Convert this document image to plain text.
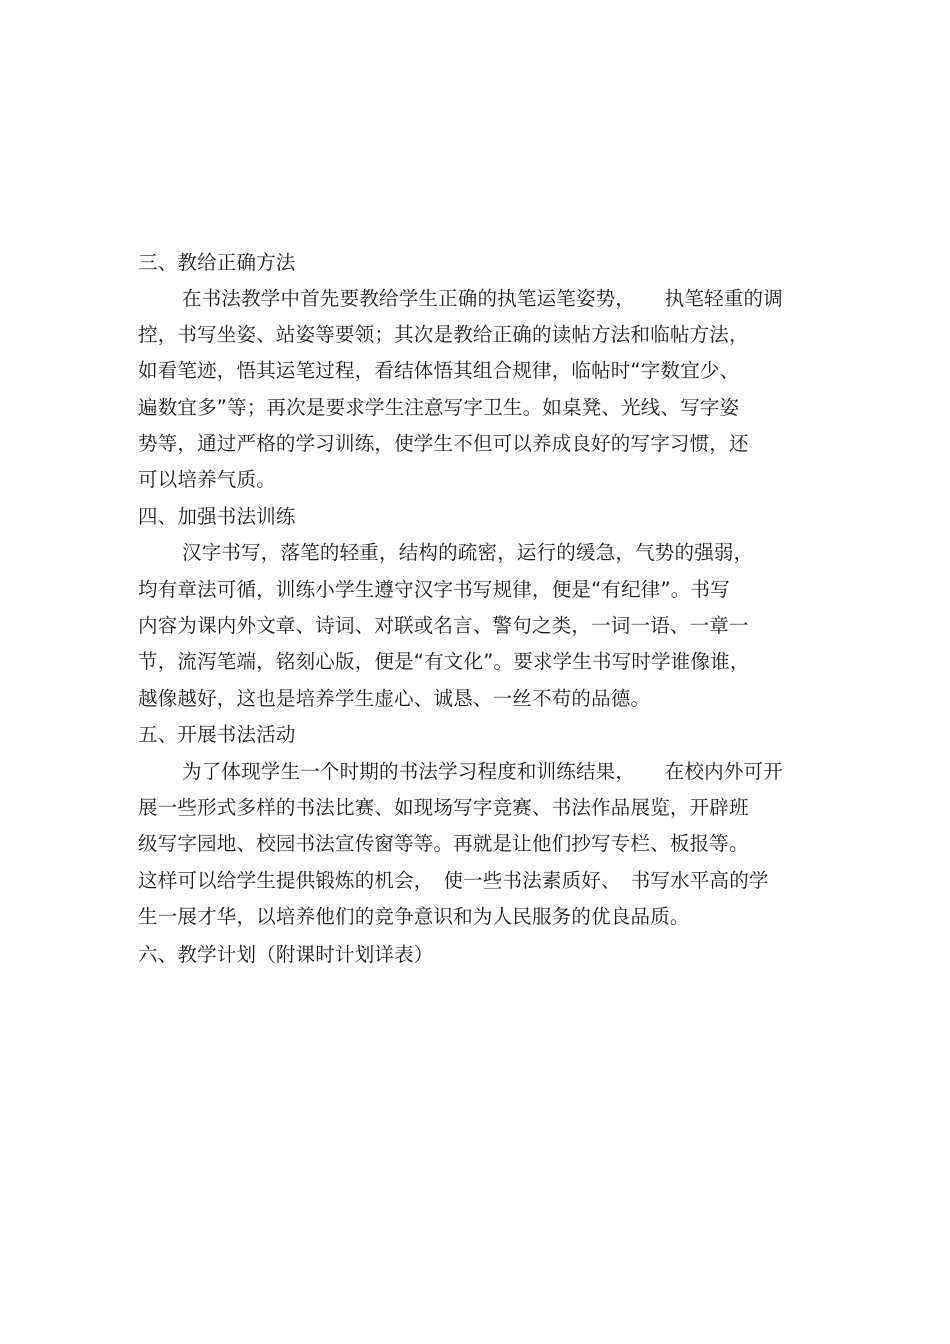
三、教给正确方法
在书法教学中首先要教给学生正确的执笔运笔姿势，　　执笔轻重的调
控，书写坐姿、站姿等要领；其次是教给正确的读帖方法和临帖方法，
如看笔迹，悟其运笔过程，看结体悟其组合规律，临帖时“字数宜少、
遍数宜多”等；再次是要求学生注意写字卫生。如桌凳、光线、写字姿
势等，通过严格的学习训练，使学生不但可以养成良好的写字习惯，还
可以培养气质。
四、加强书法训练
汉字书写，落笔的轻重，结构的疏密，运行的缓急，气势的强弱，
均有章法可循，训练小学生遵守汉字书写规律，便是“有纪律”。书写
内容为课内外文章、诗词、对联或名言、警句之类，一词一语、一章一
节，流泻笔端，铭刻心版，便是“有文化”。要求学生书写时学谁像谁，
越像越好，这也是培养学生虚心、诚恳、一丝不苟的品德。
五、开展书法活动
为了体现学生一个时期的书法学习程度和训练结果，　　在校内外可开
展一些形式多样的书法比赛、如现场写字竞赛、书法作品展览，开辟班
级写字园地、校园书法宣传窗等等。再就是让他们抄写专栏、板报等。
这样可以给学生提供锻炼的机会，　使一些书法素质好、　书写水平高的学
生一展才华，以培养他们的竞争意识和为人民服务的优良品质。
六、教学计划（附课时计划详表）
